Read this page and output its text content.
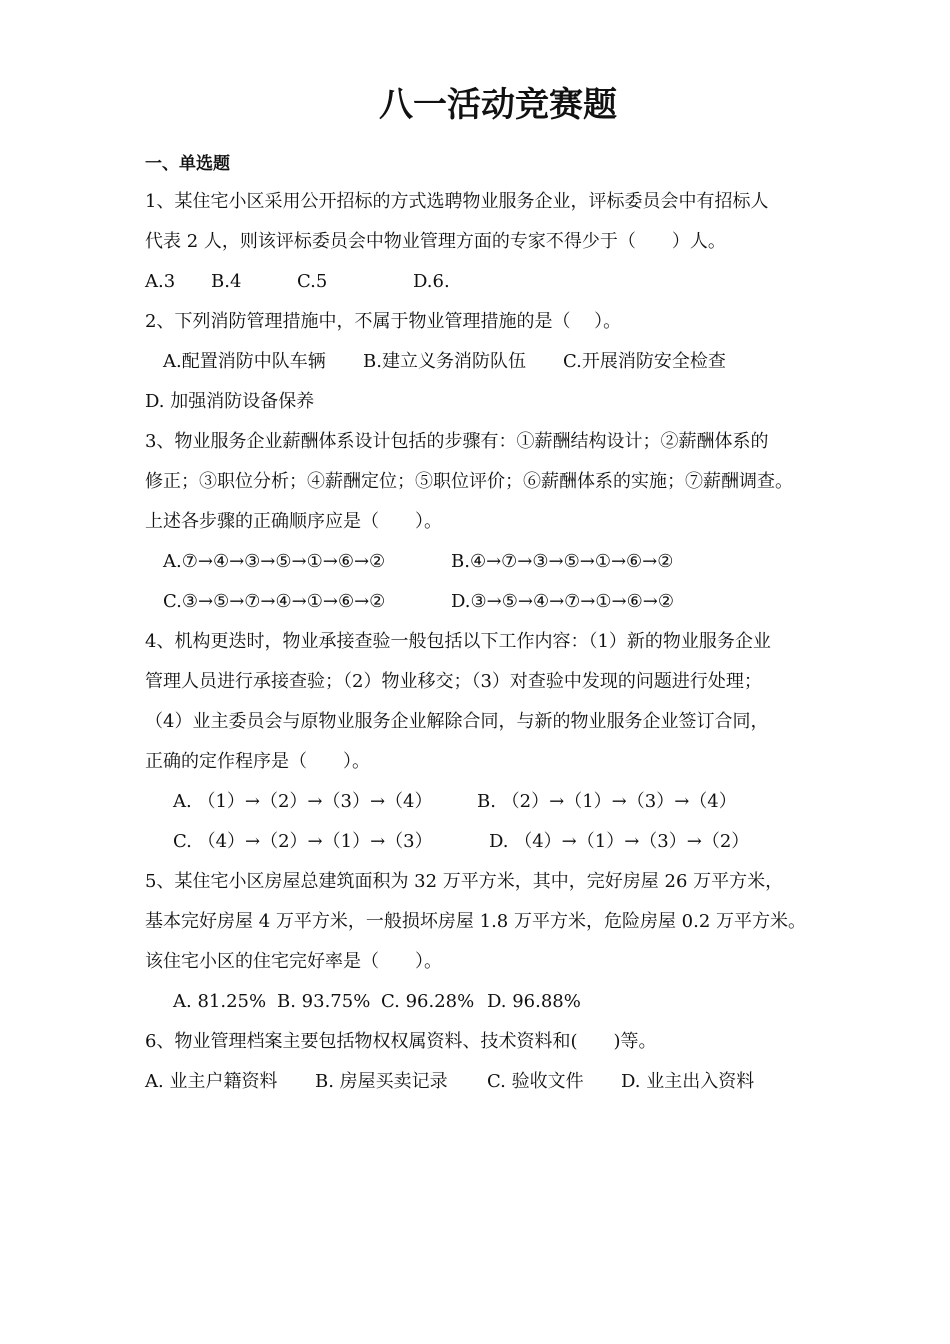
八一活动竞赛题
一、单选题
1、某住宅小区采用公开招标的方式选聘物业服务企业，评标委员会中有招标人
代表 2 人，则该评标委员会中物业管理方面的专家不得少于（　　）人。
A.3 B.4	C.5	D.6.
2、下列消防管理措施中，不属于物业管理措施的是（　 ）。
A.配置消防中队车辆 B.建立义务消防队伍 C.开展消防安全检查
D. 加强消防设备保养
3、物业服务企业薪酬体系设计包括的步骤有：①薪酬结构设计；②薪酬体系的
修正；③职位分析；④薪酬定位；⑤职位评价；⑥薪酬体系的实施；⑦薪酬调查。
上述各步骤的正确顺序应是（　　）。
A.⑦→④→③→⑤→①→⑥→②	B.④→⑦→③→⑤→①→⑥→②
C.③→⑤→⑦→④→①→⑥→②	D.③→⑤→④→⑦→①→⑥→②
4、机构更迭时，物业承接查验一般包括以下工作内容：（1）新的物业服务企业
管理人员进行承接查验；（2）物业移交；（3）对查验中发现的问题进行处理；
（4）业主委员会与原物业服务企业解除合同，与新的物业服务企业签订合同，
正确的定作程序是（　　）。
A. （1）→（2）→（3）→（4） B. （2）→（1）→（3）→（4）
C. （4）→（2）→（1）→（3）	D. （4）→（1）→（3）→（2）
5、某住宅小区房屋总建筑面积为 32 万平方米，其中，完好房屋 26 万平方米，
基本完好房屋 4 万平方米，一般损坏房屋 1.8 万平方米，危险房屋 0.2 万平方米。
该住宅小区的住宅完好率是（　　）。
A. 81.25% B. 93.75% C. 96.28% D. 96.88%
6、物业管理档案主要包括物权权属资料、技术资料和(　　)等。
A. 业主户籍资料 B. 房屋买卖记录 C. 验收文件 D. 业主出入资料
